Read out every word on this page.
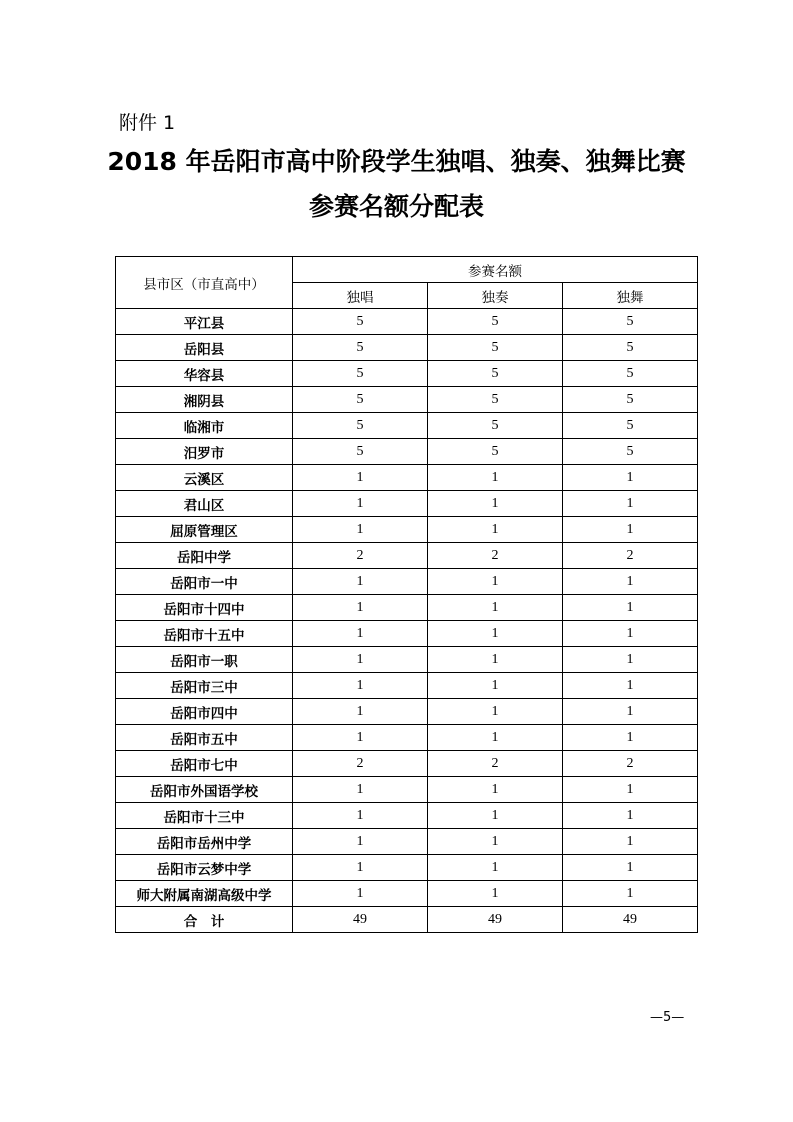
附件 1
2018 年岳阳市高中阶段学生独唱、独奏、独舞比赛
参赛名额分配表
县市区（市直高中）	参赛名额		
	独唱	独奏	独舞
平江县	5	5	5
岳阳县	5	5	5
华容县	5	5	5
湘阴县	5	5	5
临湘市	5	5	5
汨罗市	5	5	5
云溪区	1	1	1
君山区	1	1	1
屈原管理区	1	1	1
岳阳中学	2	2	2
岳阳市一中	1	1	1
岳阳市十四中	1	1	1
岳阳市十五中	1	1	1
岳阳市一职	1	1	1
岳阳市三中	1	1	1
岳阳市四中	1	1	1
岳阳市五中	1	1	1
岳阳市七中	2	2	2
岳阳市外国语学校	1	1	1
岳阳市十三中	1	1	1
岳阳市岳州中学	1	1	1
岳阳市云梦中学	1	1	1
师大附属南湖高级中学	1	1	1
合　计	49	49	49
—5—
